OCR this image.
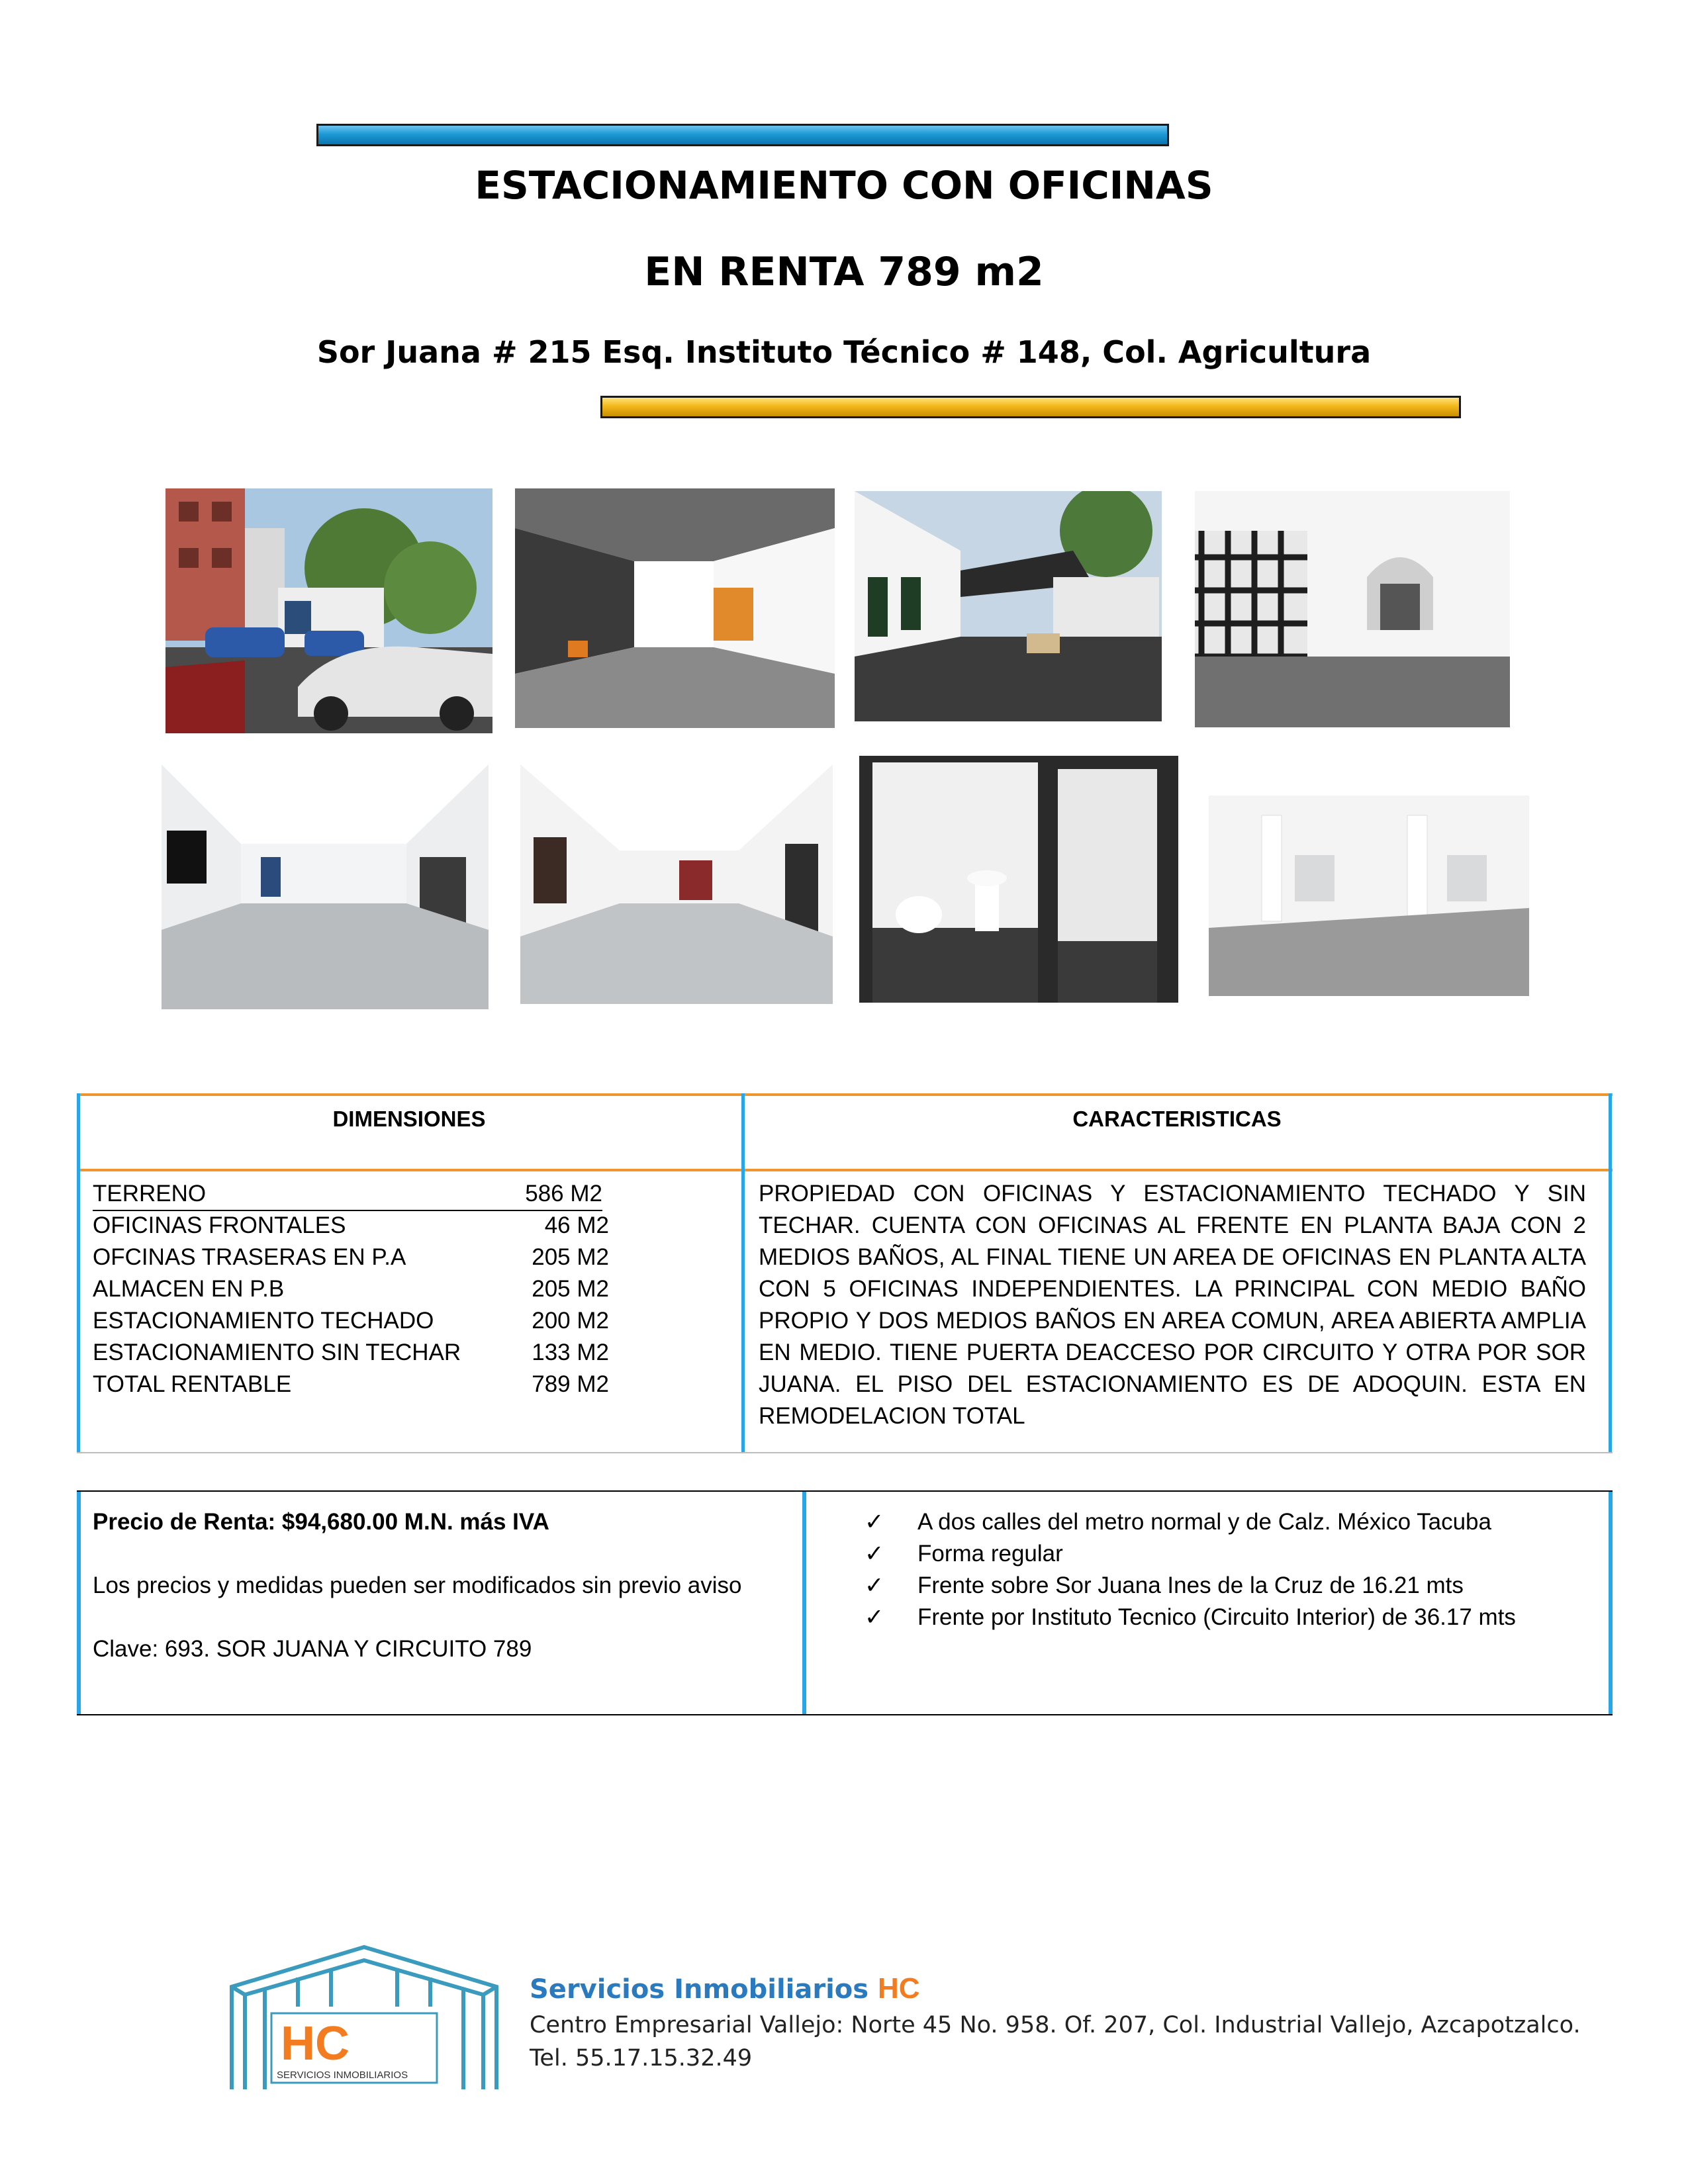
ESTACIONAMIENTO CON OFICINAS
EN RENTA 789 m2
Sor Juana # 215 Esq. Instituto Técnico # 148, Col. Agricultura
DIMENSIONES	CARACTERISTICAS
TERRENO	586 M2
OFICINAS FRONTALES	46 M2
OFCINAS TRASERAS EN P.A	205 M2
ALMACEN EN P.B	205 M2
ESTACIONAMIENTO TECHADO	200 M2
ESTACIONAMIENTO SIN TECHAR	133 M2
TOTAL RENTABLE	789 M2
PROPIEDAD CON OFICINAS Y ESTACIONAMIENTO TECHADO Y SIN TECHAR. CUENTA CON OFICINAS AL FRENTE EN PLANTA BAJA CON 2 MEDIOS BAÑOS, AL FINAL TIENE UN AREA DE OFICINAS EN PLANTA ALTA CON 5 OFICINAS INDEPENDIENTES. LA PRINCIPAL CON MEDIO BAÑO PROPIO Y DOS MEDIOS BAÑOS EN AREA COMUN, AREA ABIERTA AMPLIA EN MEDIO. TIENE PUERTA DEACCESO POR CIRCUITO Y OTRA POR SOR JUANA. EL PISO DEL ESTACIONAMIENTO ES DE ADOQUIN. ESTA EN REMODELACION TOTAL
Precio de Renta: $94,680.00 M.N. más IVA
Los precios y medidas pueden ser modificados sin previo aviso
Clave: 693. SOR JUANA Y CIRCUITO 789
✓ A dos calles del metro normal y de Calz. México Tacuba
✓ Forma regular
✓ Frente sobre Sor Juana Ines de la Cruz de 16.21 mts
✓ Frente por Instituto Tecnico (Circuito Interior) de 36.17 mts
HC
SERVICIOS INMOBILIARIOS
Servicios Inmobiliarios HC
Centro Empresarial Vallejo: Norte 45 No. 958. Of. 207, Col. Industrial Vallejo, Azcapotzalco.
Tel. 55.17.15.32.49
